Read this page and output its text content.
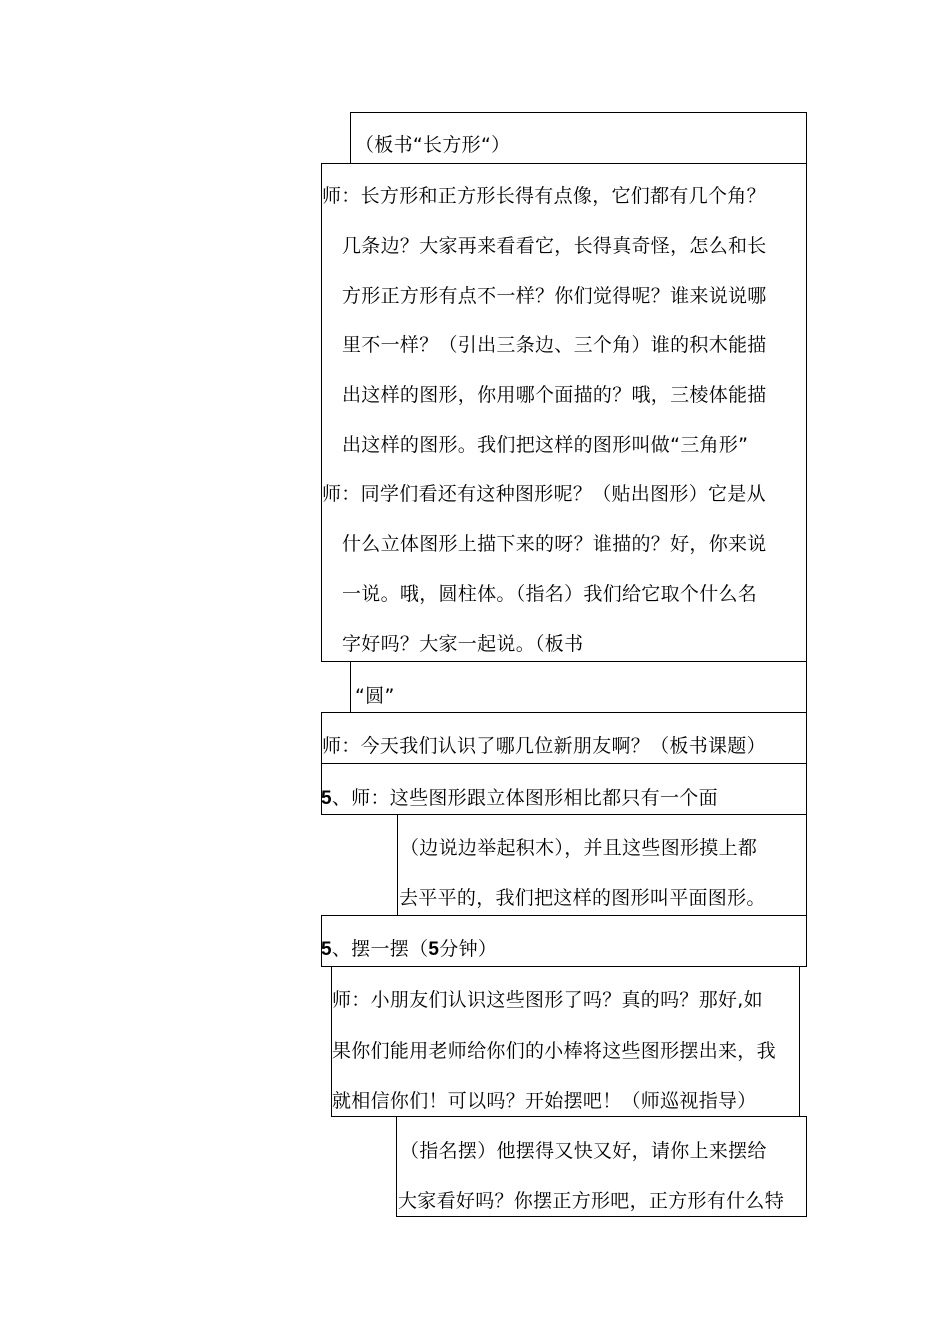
（板书“长方形“）
师：长方形和正方形长得有点像，它们都有几个角？
几条边？大家再来看看它，长得真奇怪，怎么和长
方形正方形有点不一样？你们觉得呢？谁来说说哪
里不一样？（引出三条边、三个角）谁的积木能描
出这样的图形，你用哪个面描的？哦，三棱体能描
出这样的图形。我们把这样的图形叫做“三角形”
师：同学们看还有这种图形呢？（贴出图形）它是从
什么立体图形上描下来的呀？谁描的？好，你来说
一说。哦，圆柱体。（指名）我们给它取个什么名
字好吗？大家一起说。（板书
“圆”
师：今天我们认识了哪几位新朋友啊？（板书课题）
5、师：这些图形跟立体图形相比都只有一个面
（边说边举起积木），并且这些图形摸上都
去平平的，我们把这样的图形叫平面图形。
5、摆一摆（5分钟）
师：小朋友们认识这些图形了吗？真的吗？那好,如
果你们能用老师给你们的小棒将这些图形摆出来，我
就相信你们！可以吗？开始摆吧！（师巡视指导）
（指名摆）他摆得又快又好，请你上来摆给
大家看好吗？你摆正方形吧，正方形有什么特
